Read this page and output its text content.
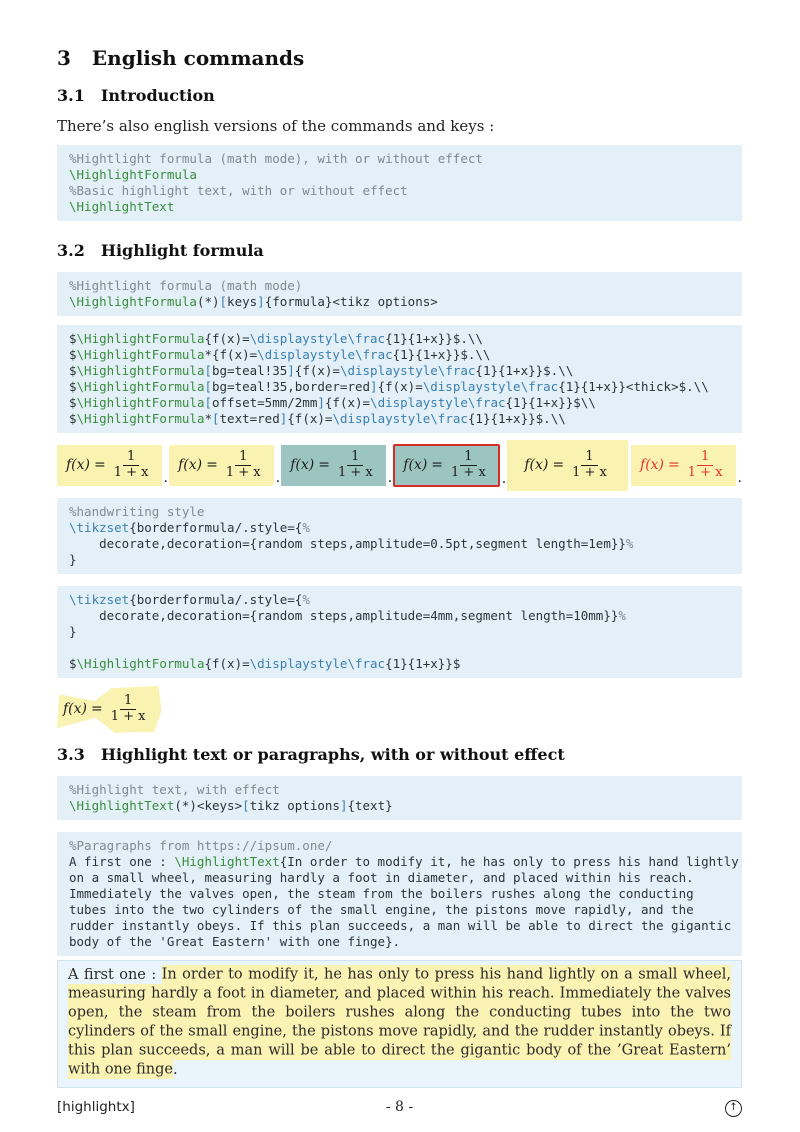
3 English commands
3.1 Introduction

There’s also english versions of the commands and keys :

%Hightlight formula (math mode), with or without effect
\HighlightFormula
%Basic highlight text, with or without effect
\HighlightText
3.2 Highlight formula
%Hightlight formula (math mode)
\HighlightFormula(*)[keys]{formula}<tikz options>
$\HighlightFormula{f(x)=\displaystyle\frac{1}{1+x}}$.\\
$\HighlightFormula*{f(x)=\displaystyle\frac{1}{1+x}}$.\\
$\HighlightFormula[bg=teal!35]{f(x)=\displaystyle\frac{1}{1+x}}$.\\
$\HighlightFormula[bg=teal!35,border=red]{f(x)=\displaystyle\frac{1}{1+x}}<thick>$.\\
$\HighlightFormula[offset=5mm/2mm]{f(x)=\displaystyle\frac{1}{1+x}}$\\
$\HighlightFormula*[text=red]{f(x)=\displaystyle\frac{1}{1+x}}$.\\
$f(x) = \frac{1}{1 + x}$ .
$f(x) = \frac{1}{1 + x}$ .
$f(x) = \frac{1}{1 + x}$ .
$f(x) = \frac{1}{1 + x}$ .
$f(x) = \frac{1}{1 + x} f(x) = \frac{1}{1 + x}$ .
%handwriting style
\tikzset{borderformula/.style={%
decorate,decoration={random steps,amplitude=0.5pt,segment length=1em}}%
}
\tikzset{borderformula/.style={%
decorate,decoration={random steps,amplitude=4mm,segment length=10mm}}%
}

$\HighlightFormula{f(x)=\displaystyle\frac{1}{1+x}}$
$f(x) = \frac{1}{1 + x}$
3.3 Highlight text or paragraphs, with or without effect
%Highlight text, with effect
\HighlightText(*)<keys>[tikz options]{text}
%Paragraphs from https://ipsum.one/
A first one : \HighlightText{In order to modify it, he has only to press his hand lightly
on a small wheel, measuring hardly a foot in diameter, and placed within his reach.
Immediately the valves open, the steam from the boilers rushes along the conducting
tubes into the two cylinders of the small engine, the pistons move rapidly, and the
rudder instantly obeys. If this plan succeeds, a man will be able to direct the gigantic
body of the 'Great Eastern' with one finge}.
A first one : In order to modify it, he has only to press his hand lightly on a small wheel, measuring hardly a foot in diameter, and placed within his reach. Immediately the valves open, the steam from the boilers rushes along the conducting tubes into the two cylinders of the small engine, the pistons move rapidly, and the rudder instantly obeys. If this plan succeeds, a man will be able to direct the gigantic body of the ’Great Eastern’ with one finge.
[highlightx]	- 8 -	↑
